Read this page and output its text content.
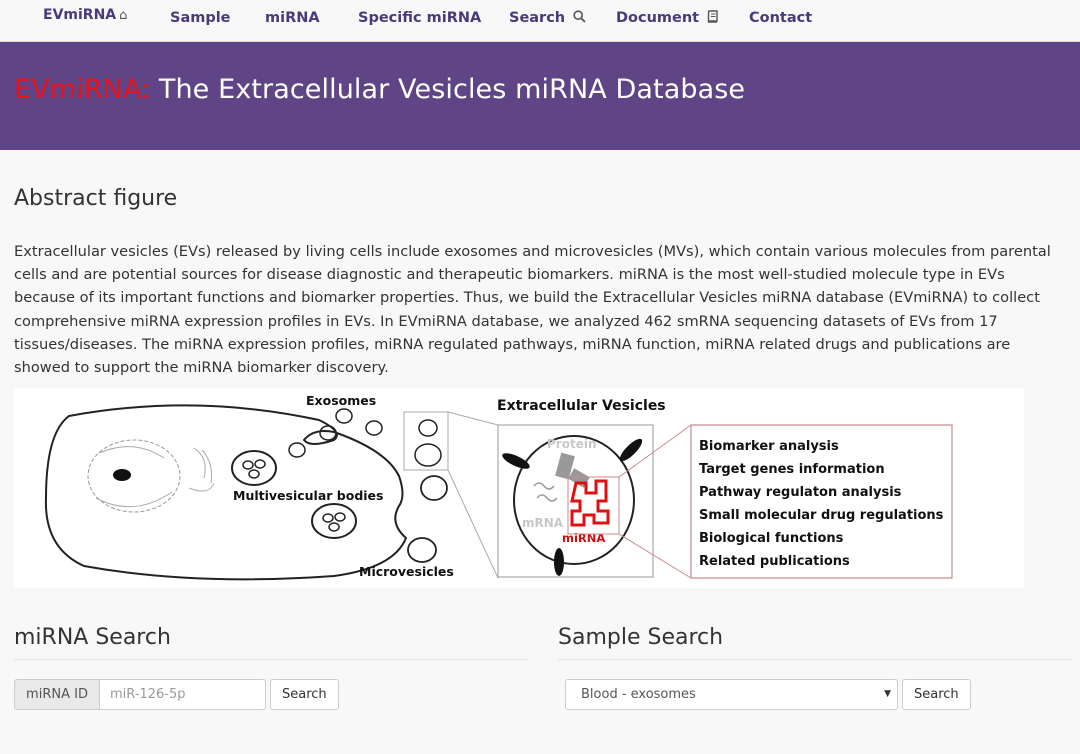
EVmiRNA ⌂	Sample miRNA	Specific miRNA Search	Document	Contact
EVmiRNA: The Extracellular Vesicles miRNA Database
Abstract figure

Extracellular vesicles (EVs) released by living cells include exosomes and microvesicles (MVs), which contain various molecules from parental cells and are potential sources for disease diagnostic and therapeutic biomarkers. miRNA is the most well-studied molecule type in EVs because of its important functions and biomarker properties. Thus, we build the Extracellular Vesicles miRNA database (EVmiRNA) to collect comprehensive miRNA expression profiles in EVs. In EVmiRNA database, we analyzed 462 smRNA sequencing datasets of EVs from 17 tissues/diseases. The miRNA expression profiles, miRNA regulated pathways, miRNA function, miRNA related drugs and publications are showed to support the miRNA biomarker discovery.

Multivesicular bodies
Exosomes
Microvesicles
Extracellular Vesicles
Protein
mRNA
miRNA
Biomarker analysis
Target genes information
Pathway regulaton analysis
Small molecular drug regulations
Biological functions
Related publications
miRNA Search
miRNA ID
miR-126-5p	Search
Sample Search
Blood - exosomes	▼	Search
